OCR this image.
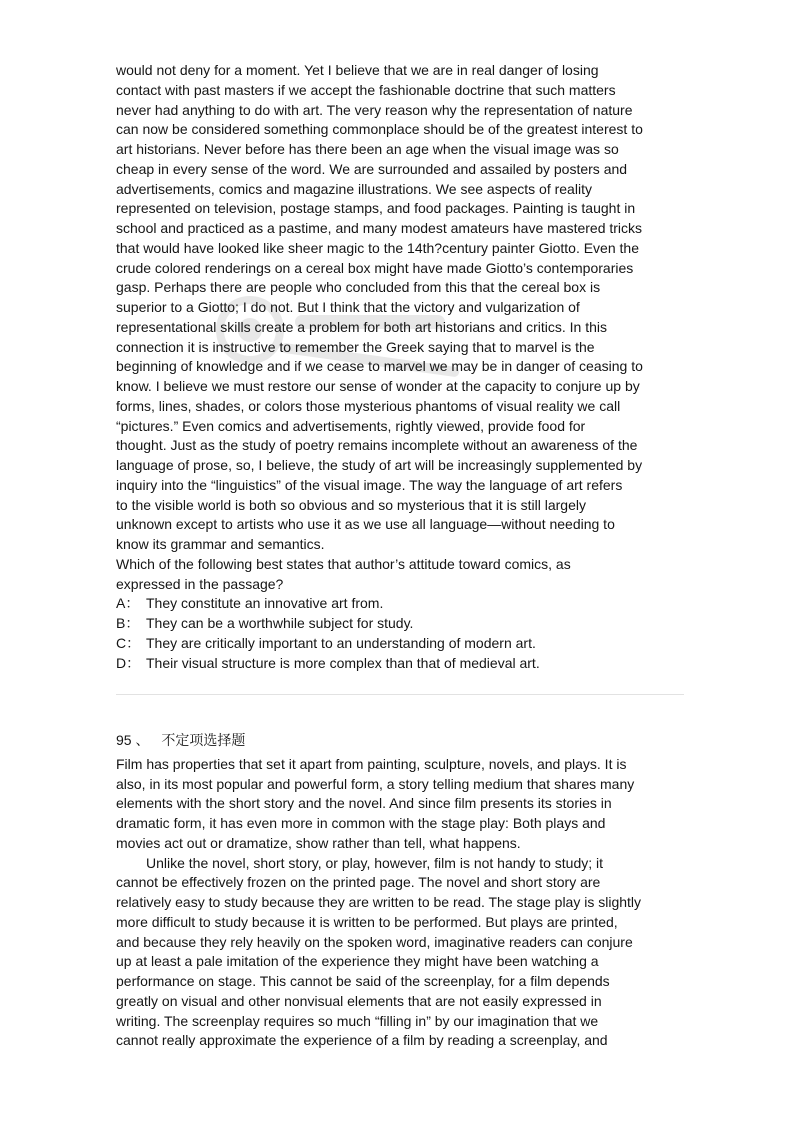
would not deny for a moment. Yet I believe that we are in real danger of losing
contact with past masters if we accept the fashionable doctrine that such matters
never had anything to do with art. The very reason why the representation of nature
can now be considered something commonplace should be of the greatest interest to
art historians. Never before has there been an age when the visual image was so
cheap in every sense of the word. We are surrounded and assailed by posters and
advertisements, comics and magazine illustrations. We see aspects of reality
represented on television, postage stamps, and food packages. Painting is taught in
school and practiced as a pastime, and many modest amateurs have mastered tricks
that would have looked like sheer magic to the 14th?century painter Giotto. Even the
crude colored renderings on a cereal box might have made Giotto’s contemporaries
gasp. Perhaps there are people who concluded from this that the cereal box is
superior to a Giotto; I do not. But I think that the victory and vulgarization of
representational skills create a problem for both art historians and critics. In this
connection it is instructive to remember the Greek saying that to marvel is the
beginning of knowledge and if we cease to marvel we may be in danger of ceasing to
know. I believe we must restore our sense of wonder at the capacity to conjure up by
forms, lines, shades, or colors those mysterious phantoms of visual reality we call
“pictures.” Even comics and advertisements, rightly viewed, provide food for
thought. Just as the study of poetry remains incomplete without an awareness of the
language of prose, so, I believe, the study of art will be increasingly supplemented by
inquiry into the “linguistics” of the visual image. The way the language of art refers
to the visible world is both so obvious and so mysterious that it is still largely
unknown except to artists who use it as we use all language—without needing to
know its grammar and semantics.
Which of the following best states that author’s attitude toward comics, as
expressed in the passage?
A： They constitute an innovative art from.
B： They can be a worthwhile subject for study.
C： They are critically important to an understanding of modern art.
D： Their visual structure is more complex than that of medieval art.
95 、 不定项选择题
Film has properties that set it apart from painting, sculpture, novels, and plays. It is
also, in its most popular and powerful form, a story telling medium that shares many
elements with the short story and the novel. And since film presents its stories in
dramatic form, it has even more in common with the stage play: Both plays and
movies act out or dramatize, show rather than tell, what happens.
Unlike the novel, short story, or play, however, film is not handy to study; it
cannot be effectively frozen on the printed page. The novel and short story are
relatively easy to study because they are written to be read. The stage play is slightly
more difficult to study because it is written to be performed. But plays are printed,
and because they rely heavily on the spoken word, imaginative readers can conjure
up at least a pale imitation of the experience they might have been watching a
performance on stage. This cannot be said of the screenplay, for a film depends
greatly on visual and other nonvisual elements that are not easily expressed in
writing. The screenplay requires so much “filling in” by our imagination that we
cannot really approximate the experience of a film by reading a screenplay, and
